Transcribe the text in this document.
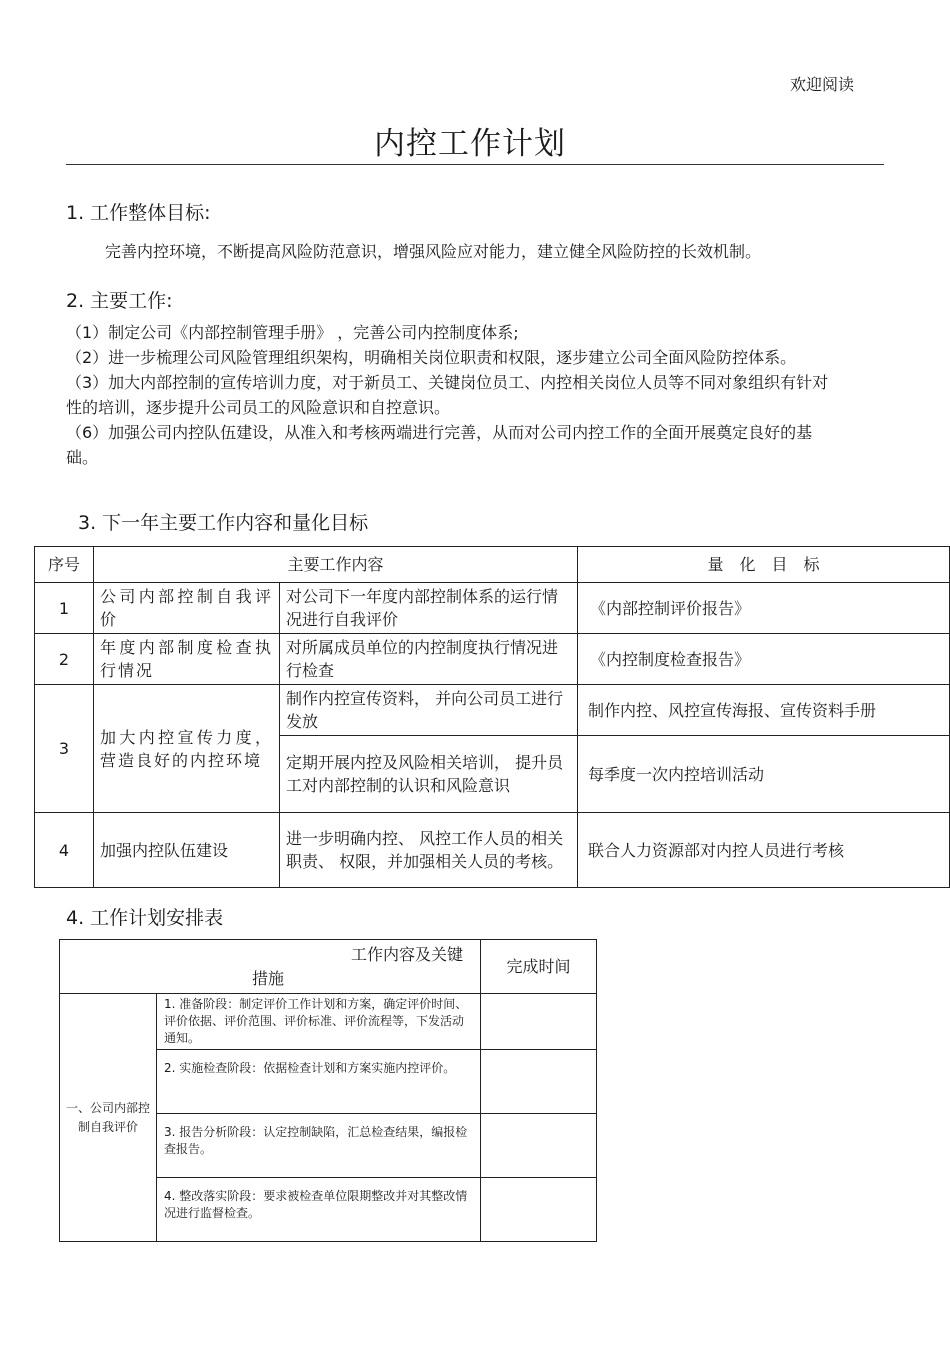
欢迎阅读
内控工作计划
1. 工作整体目标:
完善内控环境，不断提高风险防范意识，增强风险应对能力，建立健全风险防控的长效机制。
2. 主要工作:
（1）制定公司《内部控制管理手册》 ，完善公司内控制度体系;
（2）进一步梳理公司风险管理组织架构，明确相关岗位职责和权限，逐步建立公司全面风险防控体系。
（3）加大内部控制的宣传培训力度，对于新员工、关键岗位员工、内控相关岗位人员等不同对象组织有针对性的培训，逐步提升公司员工的风险意识和自控意识。
（6）加强公司内控队伍建设，从准入和考核两端进行完善，从而对公司内控工作的全面开展奠定良好的基础。
3. 下一年主要工作内容和量化目标
序号	主要工作内容		量　化　目　标
1	公司内部控制自我评价	对公司下一年度内部控制体系的运行情况进行自我评价	《内部控制评价报告》
2	年度内部制度检查执行情况	对所属成员单位的内控制度执行情况进行检查	《内控制度检查报告》
3	加大内控宣传力度，营造良好的内控环境	制作内控宣传资料， 并向公司员工进行发放	制作内控、风控宣传海报、宣传资料手册
		定期开展内控及风险相关培训， 提升员工对内部控制的认识和风险意识	每季度一次内控培训活动
4	加强内控队伍建设	进一步明确内控、 风控工作人员的相关职责、 权限，并加强相关人员的考核。	联合人力资源部对内控人员进行考核
4. 工作计划安排表
工作内容及关键
措施		完成时间
一、公司内部控制自我评价	1. 准备阶段：制定评价工作计划和方案，确定评价时间、评价依据、评价范围、评价标准、评价流程等，下发活动通知。	
	2. 实施检查阶段：依据检查计划和方案实施内控评价。	
	3. 报告分析阶段：认定控制缺陷，汇总检查结果，编报检查报告。	
	4. 整改落实阶段：要求被检查单位限期整改并对其整改情况进行监督检查。	
